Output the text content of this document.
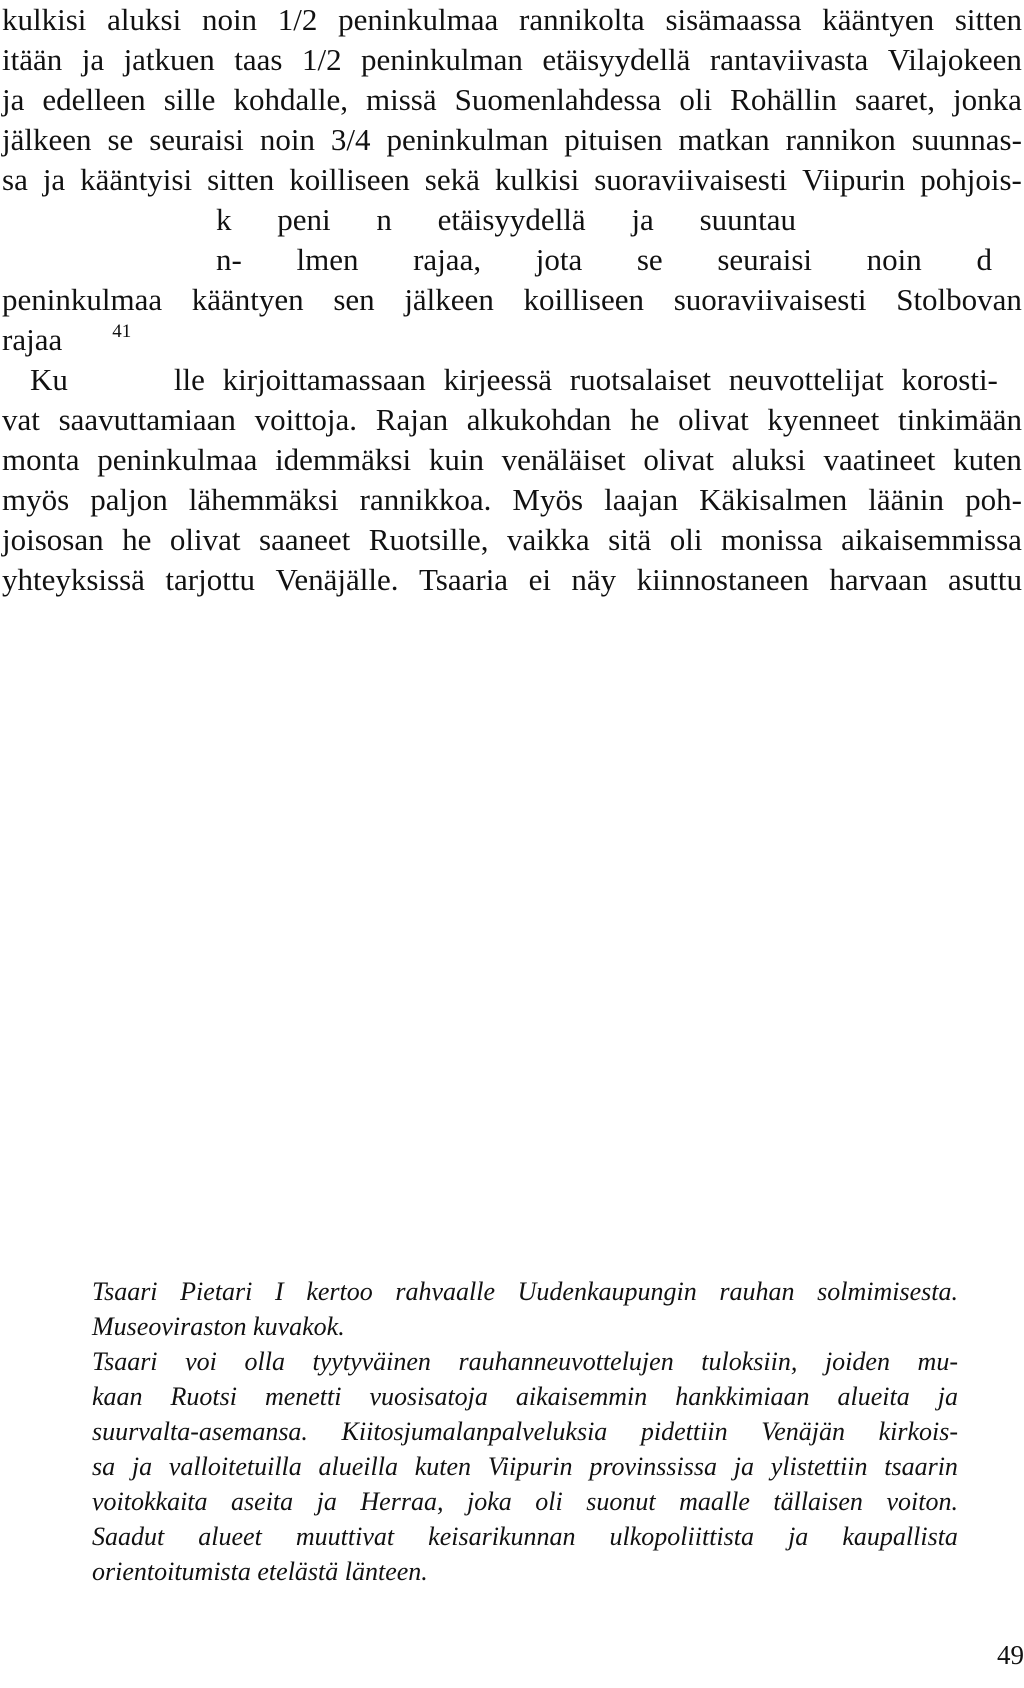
kulkisi aluksi noin 1/2 peninkulmaa rannikolta sisämaassa kääntyen sitten

itään ja jatkuen taas 1/2 peninkulman etäisyydellä rantaviivasta Vilajokeen

ja edelleen sille kohdalle, missä Suomenlahdessa oli Rohällin saaret, jonka

jälkeen se seuraisi noin 3/4 peninkulman pituisen matkan rannikon suunnas-

sa ja kääntyisi sitten koilliseen sekä kulkisi suoraviivaisesti Viipurin pohjois-

k peni n etäisyydellä ja suuntau

n- lmen rajaa, jota se seuraisi noin d

peninkulmaa kääntyen sen jälkeen koilliseen suoraviivaisesti Stolbovan

rajaa	$^{41}$

Ku	lle kirjoittamassaan kirjeessä ruotsalaiset neuvottelijat korosti-

vat saavuttamiaan voittoja. Rajan alkukohdan he olivat kyenneet tinkimään

monta peninkulmaa idemmäksi kuin venäläiset olivat aluksi vaatineet kuten

myös paljon lähemmäksi rannikkoa. Myös laajan Käkisalmen läänin poh-

joisosan he olivat saaneet Ruotsille, vaikka sitä oli monissa aikaisemmissa

yhteyksissä tarjottu Venäjälle. Tsaaria ei näy kiinnostaneen harvaan asuttu

Tsaari Pietari I kertoo rahvaalle Uudenkaupungin rauhan solmimisesta.

Museoviraston kuvakok.

Tsaari voi olla tyytyväinen rauhanneuvottelujen tuloksiin, joiden mu-

kaan Ruotsi menetti vuosisatoja aikaisemmin hankkimiaan alueita ja

suurvalta-asemansa. Kiitosjumalanpalveluksia pidettiin Venäjän kirkois-

sa ja valloitetuilla alueilla kuten Viipurin provinssissa ja ylistettiin tsaarin

voitokkaita aseita ja Herraa, joka oli suonut maalle tällaisen voiton.

Saadut alueet muuttivat keisarikunnan ulkopoliittista ja kaupallista

orientoitumista etelästä länteen.

49
